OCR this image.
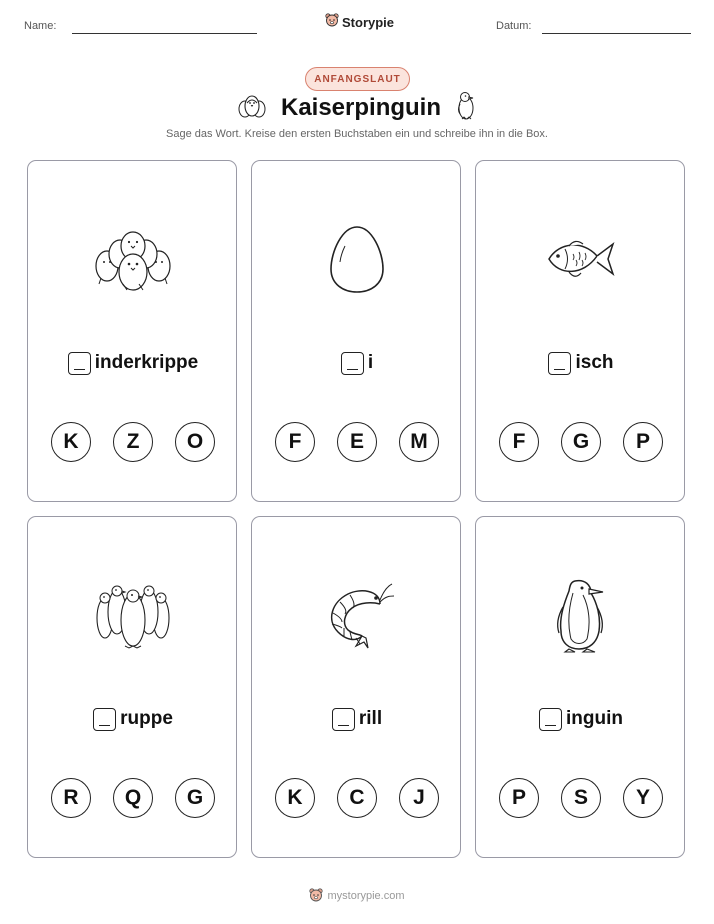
Name:	Storypie	Datum:
ANFANGSLAUT
Kaiserpinguin
Sage das Wort. Kreise den ersten Buchstaben ein und schreibe ihn in die Box.
inderkrippe
K	Z	O
i
F	E	M
isch
F	G	P
ruppe
R	Q	G
rill
K	C	J
inguin
P	S	Y
mystorypie.com
